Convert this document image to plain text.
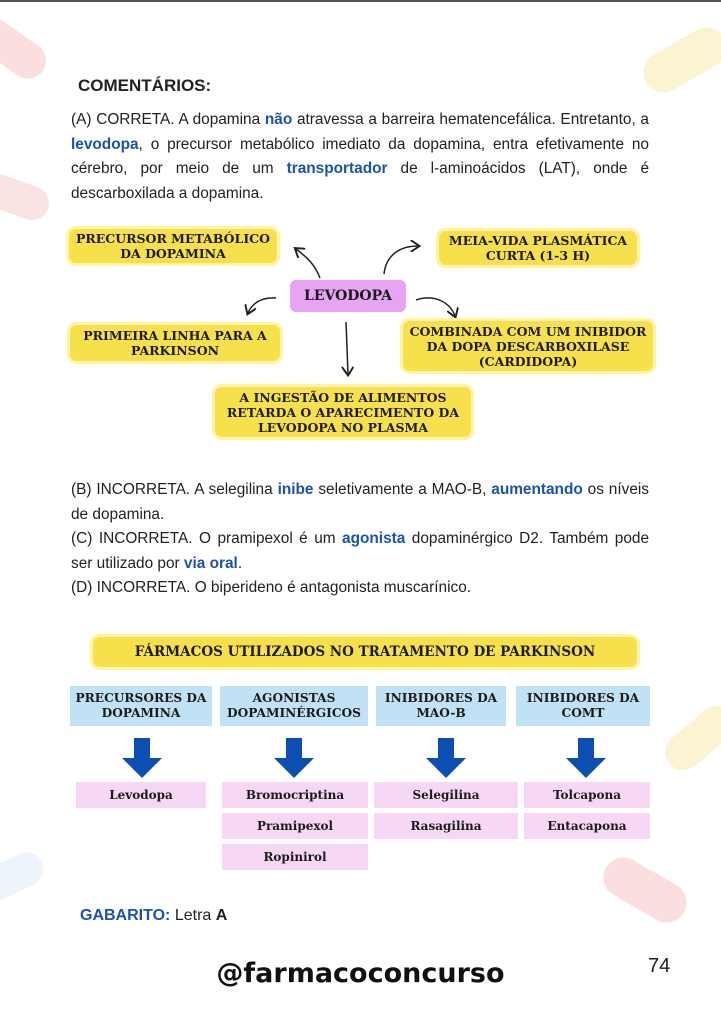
COMENTÁRIOS:
(A) CORRETA. A dopamina não atravessa a barreira hematencefálica. Entretanto, a levodopa, o precursor metabólico imediato da dopamina, entra efetivamente no cérebro, por meio de um transportador de l-aminoácidos (LAT), onde é descarboxilada a dopamina.
PRECURSOR METABÓLICO DA DOPAMINA
MEIA-VIDA PLASMÁTICA CURTA (1-3 H)
LEVODOPA
PRIMEIRA LINHA PARA A PARKINSON
COMBINADA COM UM INIBIDOR DA DOPA DESCARBOXILASE (CARDIDOPA)
A INGESTÃO DE ALIMENTOS RETARDA O APARECIMENTO DA LEVODOPA NO PLASMA
(B) INCORRETA. A selegilina inibe seletivamente a MAO-B, aumentando os níveis de dopamina.
(C) INCORRETA. O pramipexol é um agonista dopaminérgico D2. Também pode ser utilizado por via oral.
(D) INCORRETA. O biperideno é antagonista muscarínico.
FÁRMACOS UTILIZADOS NO TRATAMENTO DE PARKINSON
PRECURSORES DA DOPAMINA
AGONISTAS DOPAMINÉRGICOS
INIBIDORES DA MAO-B
INIBIDORES DA COMT
Levodopa	Bromocriptina
Pramipexol
Ropinirol
Selegilina
Rasagilina
Tolcapona
Entacapona
GABARITO: Letra A
@farmacoconcurso	74
